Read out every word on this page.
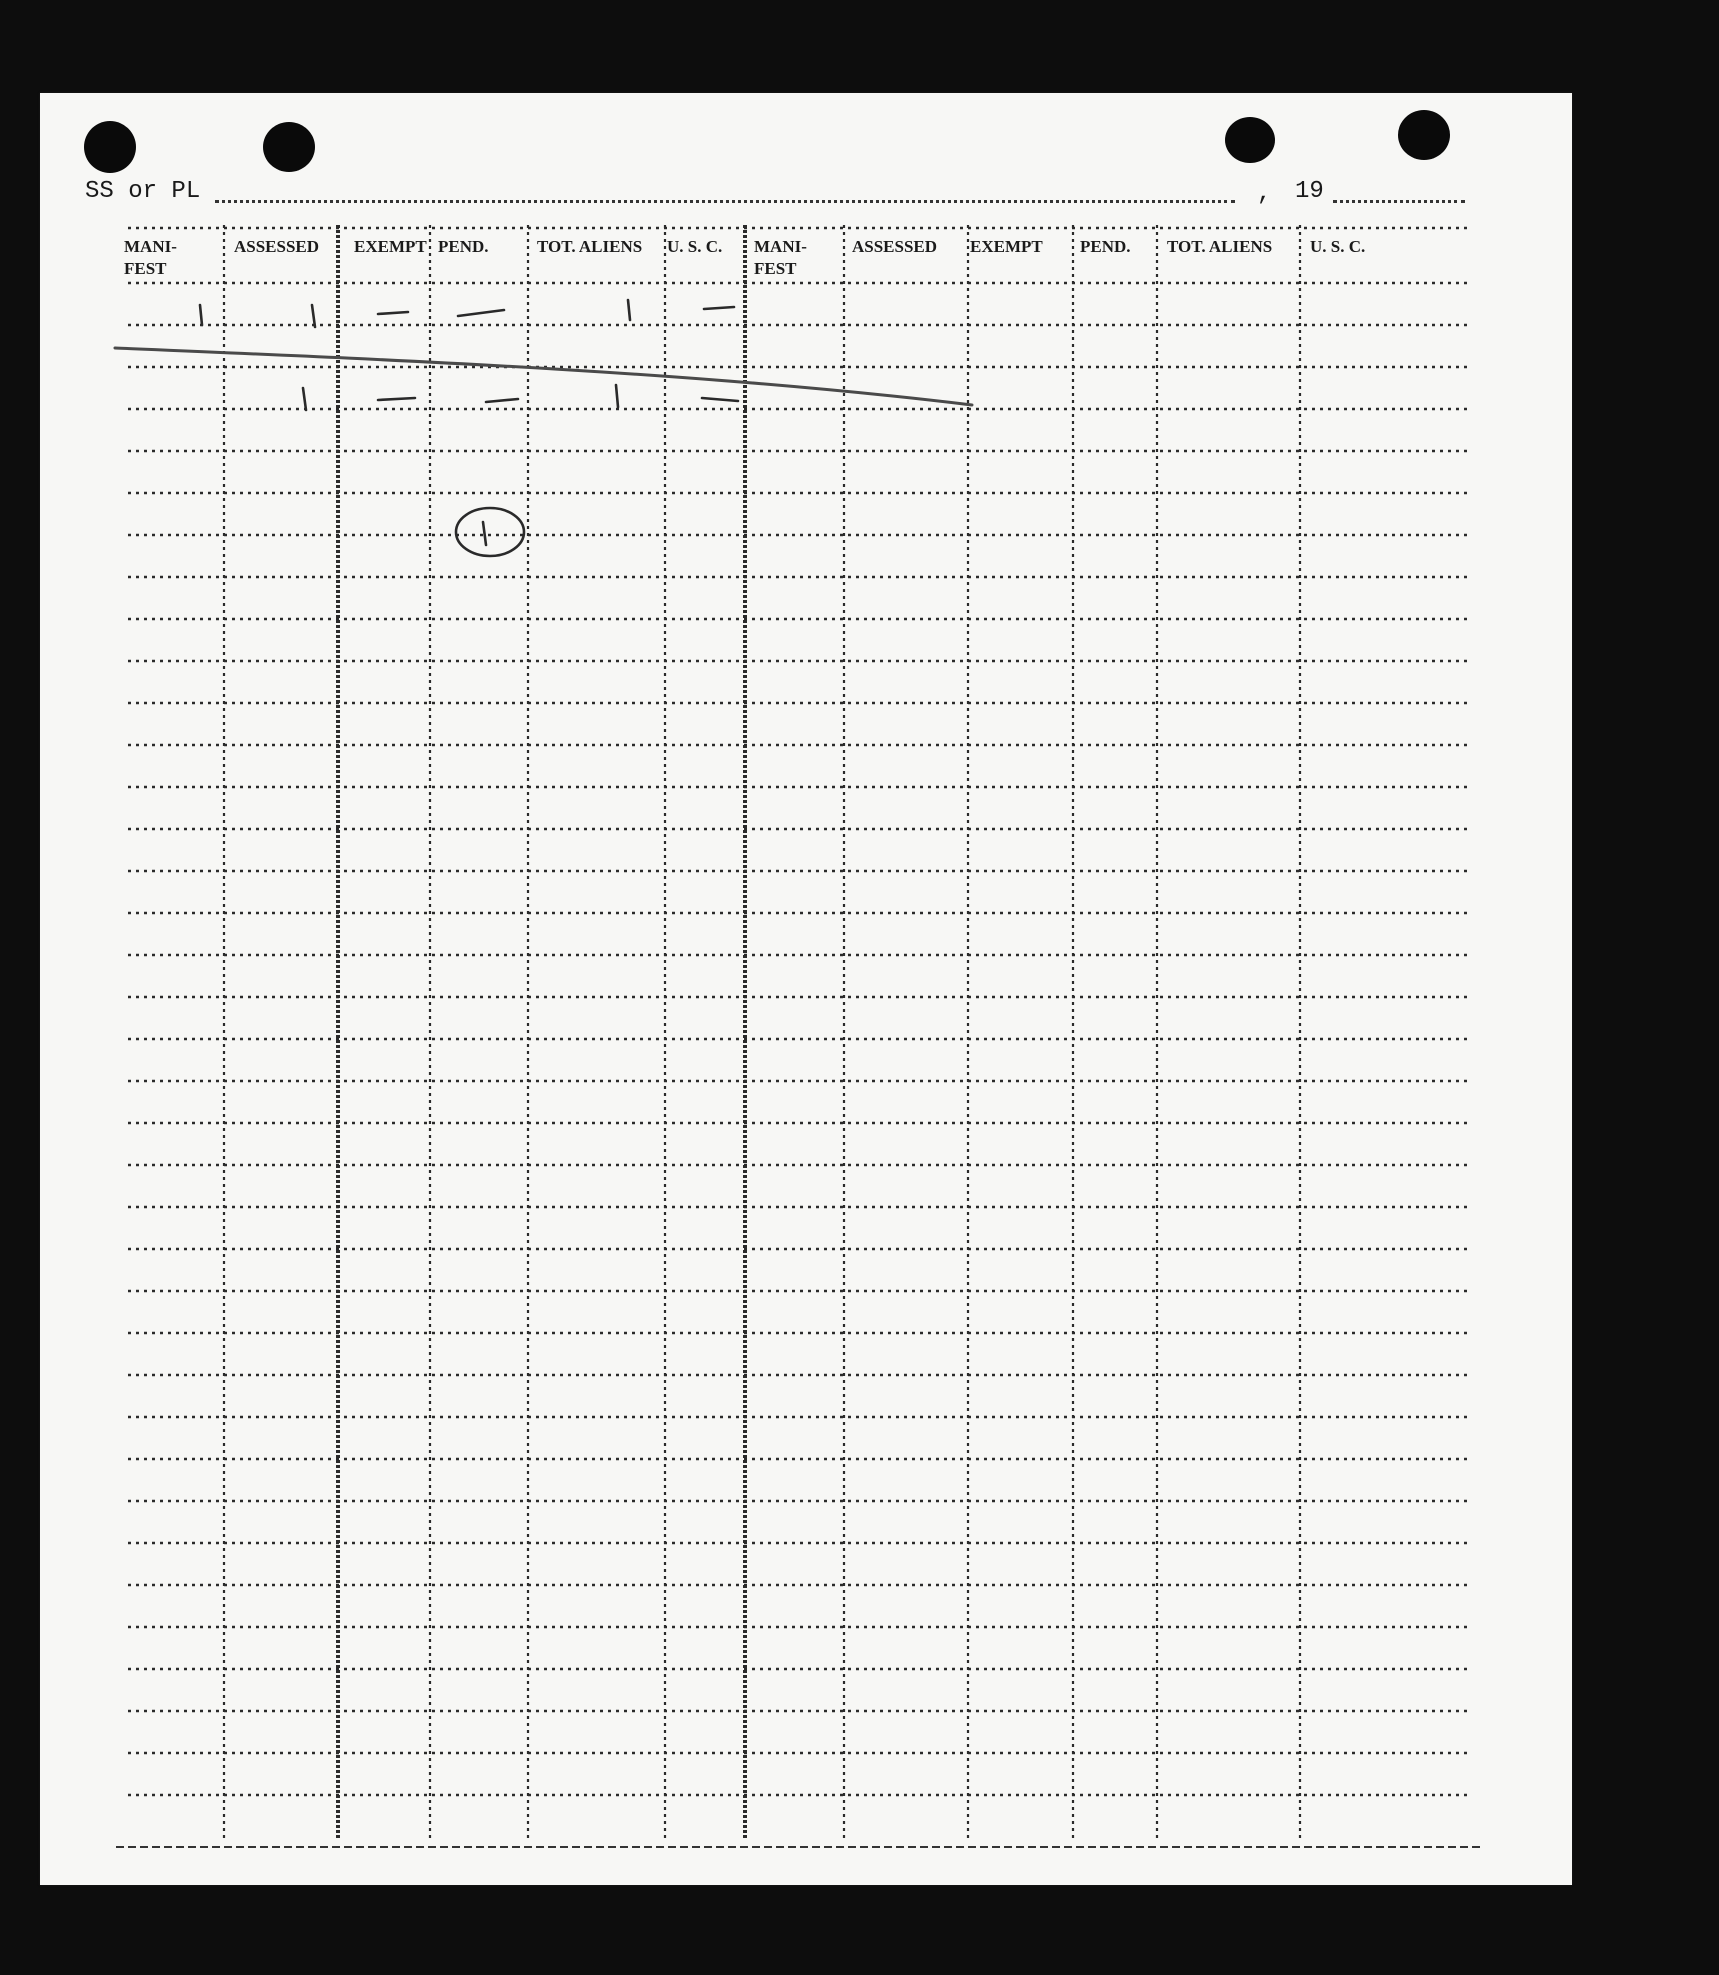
SS or PL	, 19
MANI-
FEST
ASSESSED EXEMPT PEND.	TOT. ALIENS U. S. C. MANI-
FEST
ASSESSED EXEMPT PEND. TOT. ALIENS U. S. C.
